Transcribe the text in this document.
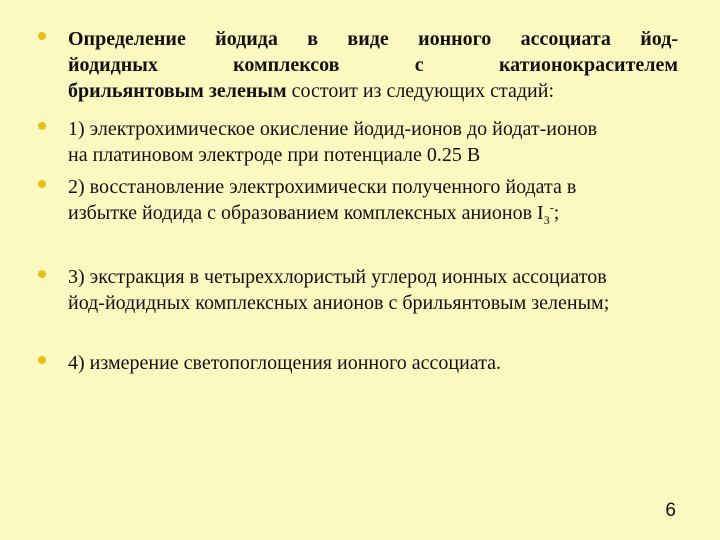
Определение йодида в виде ионного ассоциата йод-
йодидных комплексов с катионокрасителем
брильянтовым зеленым состоит из следующих стадий:
1) электрохимическое окисление йодид-ионов до йодат-ионов
на платиновом электроде при потенциале 0.25 В
2) восстановление электрохимически полученного йодата в
избытке йодида с образованием комплексных анионов $I_3^-$;
3) экстракция в четыреххлористый углерод ионных ассоциатов
йод-йодидных комплексных анионов с брильянтовым зеленым;
4) измерение светопоглощения ионного ассоциата.
6
